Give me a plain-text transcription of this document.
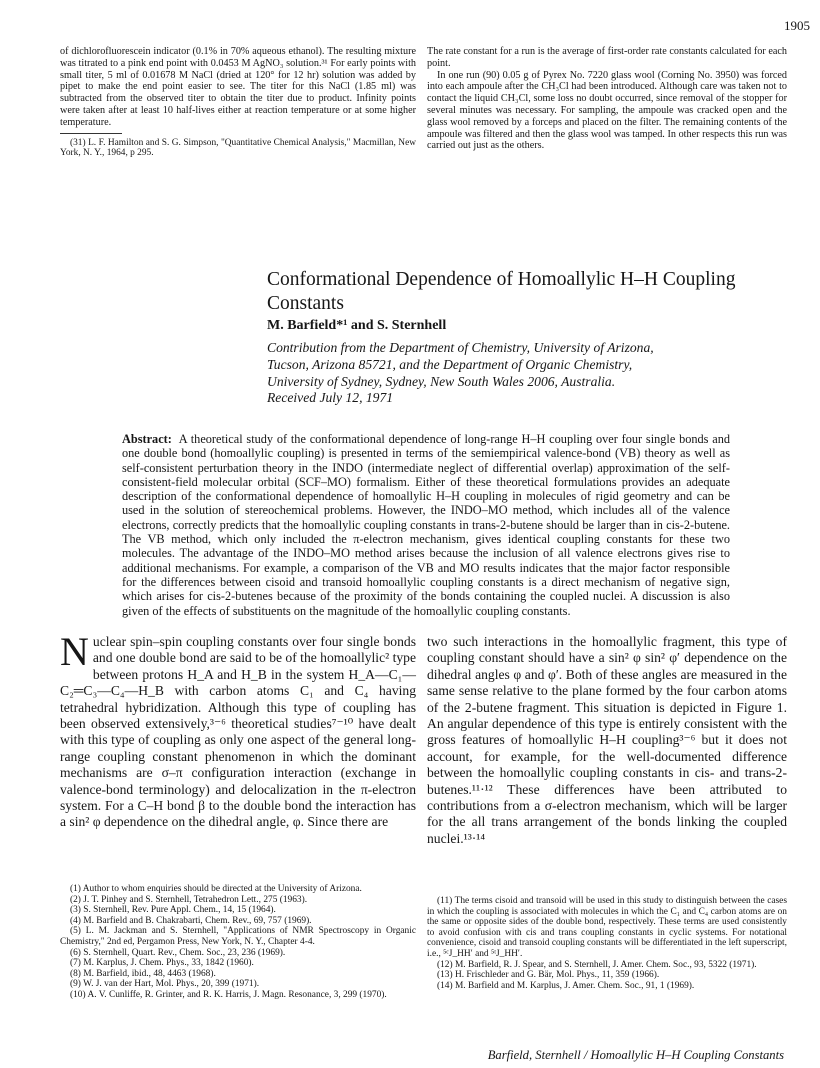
1905

of dichlorofluorescein indicator (0.1% in 70% aqueous ethanol). The resulting mixture was titrated to a pink end point with 0.0453 M AgNO₃ solution.³¹ For early points with small titer, 5 ml of 0.01678 M NaCl (dried at 120° for 12 hr) solution was added by pipet to make the end point easier to see. The titer for this NaCl (1.85 ml) was subtracted from the observed titer to obtain the titer due to product. Infinity points were taken after at least 10 half-lives either at reaction temperature or at some higher temperature.

(31) L. F. Hamilton and S. G. Simpson, "Quantitative Chemical Analysis," Macmillan, New York, N. Y., 1964, p 295.

The rate constant for a run is the average of first-order rate constants calculated for each point.

In one run (90) 0.05 g of Pyrex No. 7220 glass wool (Corning No. 3950) was forced into each ampoule after the CH₃Cl had been introduced. Although care was taken not to contact the liquid CH₃Cl, some loss no doubt occurred, since removal of the stopper for several minutes was necessary. For sampling, the ampoule was cracked open and the glass wool removed by a forceps and placed on the filter. The remaining contents of the ampoule was filtered and then the glass wool was tamped. In other respects this run was carried out just as the others.

Conformational Dependence of Homoallylic H–H Coupling Constants
M. Barfield*¹ and S. Sternhell

Contribution from the Department of Chemistry, University of Arizona,

Tucson, Arizona 85721, and the Department of Organic Chemistry,

University of Sydney, Sydney, New South Wales 2006, Australia.

Received July 12, 1971

Abstract: A theoretical study of the conformational dependence of long-range H–H coupling over four single bonds and one double bond (homoallylic coupling) is presented in terms of the semiempirical valence-bond (VB) theory as well as self-consistent perturbation theory in the INDO (intermediate neglect of differential overlap) approximation of the self-consistent-field molecular orbital (SCF–MO) formalism. Either of these theoretical formulations provides an adequate description of the conformational dependence of homoallylic H–H coupling in molecules of rigid geometry and can be used in the solution of stereochemical problems. However, the INDO–MO method, which includes all of the valence electrons, correctly predicts that the homoallylic coupling constants in trans-2-butene should be larger than in cis-2-butene. The VB method, which only included the π-electron mechanism, gives identical coupling constants for these two molecules. The advantage of the INDO–MO method arises because the inclusion of all valence electrons gives rise to additional mechanisms. For example, a comparison of the VB and MO results indicates that the major factor responsible for the differences between cisoid and transoid homoallylic coupling constants is a direct mechanism of negative sign, which arises for cis-2-butenes because of the proximity of the bonds containing the coupled nuclei. A discussion is also given of the effects of substituents on the magnitude of the homoallylic coupling constants.

Nuclear spin–spin coupling constants over four single bonds and one double bond are said to be of the homoallylic² type between protons H_A and H_B in the system H_A—C₁—C₂═C₃—C₄—H_B with carbon atoms C₁ and C₄ having tetrahedral hybridization. Although this type of coupling has been observed extensively,³⁻⁶ theoretical studies⁷⁻¹⁰ have dealt with this type of coupling as only one aspect of the general long-range coupling constant phenomenon in which the dominant mechanisms are σ–π configuration interaction (exchange in valence-bond terminology) and delocalization in the π-electron system. For a C–H bond β to the double bond the interaction has a sin² φ dependence on the dihedral angle, φ. Since there are

two such interactions in the homoallylic fragment, this type of coupling constant should have a sin² φ sin² φ′ dependence on the dihedral angles φ and φ′. Both of these angles are measured in the same sense relative to the plane formed by the four carbon atoms of the 2-butene fragment. This situation is depicted in Figure 1. An angular dependence of this type is entirely consistent with the gross features of homoallylic H–H coupling³⁻⁶ but it does not account, for example, for the well-documented difference between the homoallylic coupling constants in cis- and trans-2-butenes.¹¹·¹² These differences have been attributed to contributions from a σ-electron mechanism, which will be larger for the all trans arrangement of the bonds linking the coupled nuclei.¹³·¹⁴

(1) Author to whom enquiries should be directed at the University of Arizona.

(2) J. T. Pinhey and S. Sternhell, Tetrahedron Lett., 275 (1963).

(3) S. Sternhell, Rev. Pure Appl. Chem., 14, 15 (1964).

(4) M. Barfield and B. Chakrabarti, Chem. Rev., 69, 757 (1969).

(5) L. M. Jackman and S. Sternhell, "Applications of NMR Spectroscopy in Organic Chemistry," 2nd ed, Pergamon Press, New York, N. Y., Chapter 4-4.

(6) S. Sternhell, Quart. Rev., Chem. Soc., 23, 236 (1969).

(7) M. Karplus, J. Chem. Phys., 33, 1842 (1960).

(8) M. Barfield, ibid., 48, 4463 (1968).

(9) W. J. van der Hart, Mol. Phys., 20, 399 (1971).

(10) A. V. Cunliffe, R. Grinter, and R. K. Harris, J. Magn. Resonance, 3, 299 (1970).

(11) The terms cisoid and transoid will be used in this study to distinguish between the cases in which the coupling is associated with molecules in which the C₁ and C₄ carbon atoms are on the same or opposite sides of the double bond, respectively. These terms are used consistently to avoid confusion with cis and trans coupling constants in cyclic systems. For notational convenience, cisoid and transoid coupling constants will be differentiated in the left superscript, i.e., ⁵ᶜJ_HH′ and ⁵ᵗJ_HH′.

(12) M. Barfield, R. J. Spear, and S. Sternhell, J. Amer. Chem. Soc., 93, 5322 (1971).

(13) H. Frischleder and G. Bär, Mol. Phys., 11, 359 (1966).

(14) M. Barfield and M. Karplus, J. Amer. Chem. Soc., 91, 1 (1969).

Barfield, Sternhell / Homoallylic H–H Coupling Constants
